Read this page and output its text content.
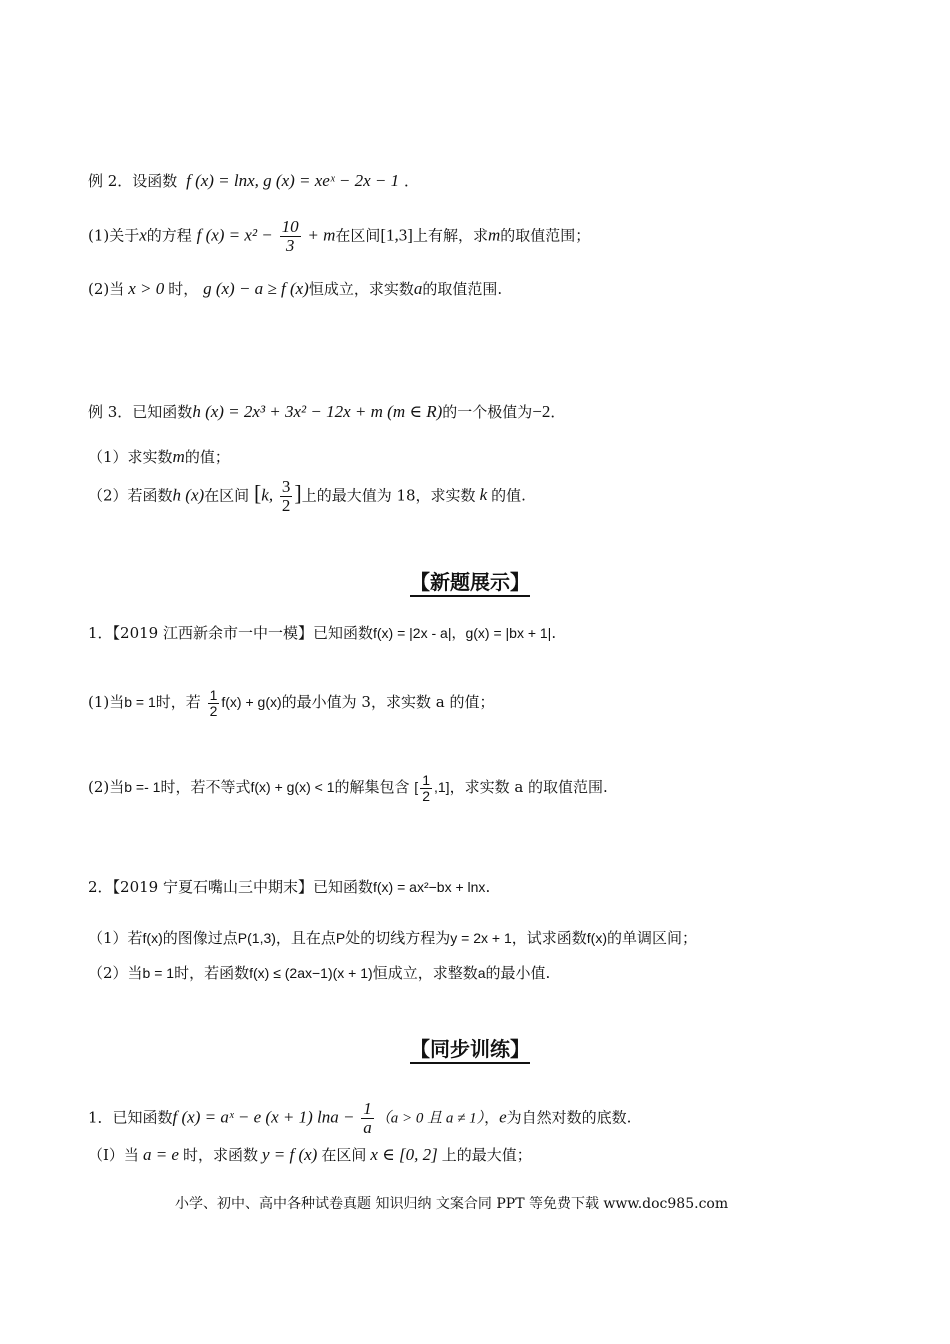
例 2．设函数 f (x) = lnx, g (x) = xeˣ − 2x − 1 ．
(1)关于x的方程 f $(x) = x^2 - \frac{10}{3} + m$在区间[1,3]上有解，求m的取值范围；
(2)当 x > 0 时， g (x) − a ≥ f (x)恒成立，求实数a的取值范围.
例 3．已知函数h (x) = 2x³ + 3x² − 12x + m (m ∈ R)的一个极值为−2．
（1）求实数m的值；
（2）若函数h (x)在区间 [k, $\frac{3}{2}$ ]上的最大值为 18，求实数 k 的值.
【新题展示】
1．【2019 江西新余市一中一模】已知函数f(x) = |2x - a|，g(x) = |bx + 1|.
(1)当b = 1时，若 $\frac{1}{2} f(x) + g(x)$的最小值为 3，求实数 a 的值；
(2)当b =- 1时，若不等式f(x) + g(x) < 1的解集包含 [ $\frac{1}{2} ,1$]，求实数 a 的取值范围.
2．【2019 宁夏石嘴山三中期末】已知函数f(x) = ax²−bx + lnx.
（1）若f(x)的图像过点P(1,3)，且在点P处的切线方程为y = 2x + 1，试求函数f(x)的单调区间；
（2）当b = 1时，若函数f(x) ≤ (2ax−1)(x + 1)恒成立，求整数a的最小值.
【同步训练】
1．已知函数f (x) = aˣ − e (x + 1) $\ln a - \frac{1}{a} (a > 0$ 且 a ≠ 1），e为自然对数的底数.
（Ⅰ）当 a = e 时，求函数 y = f (x) 在区间 x ∈ [0, 2] 上的最大值；
小学、初中、高中各种试卷真题 知识归纳 文案合同 PPT 等免费下载 www.doc985.com
